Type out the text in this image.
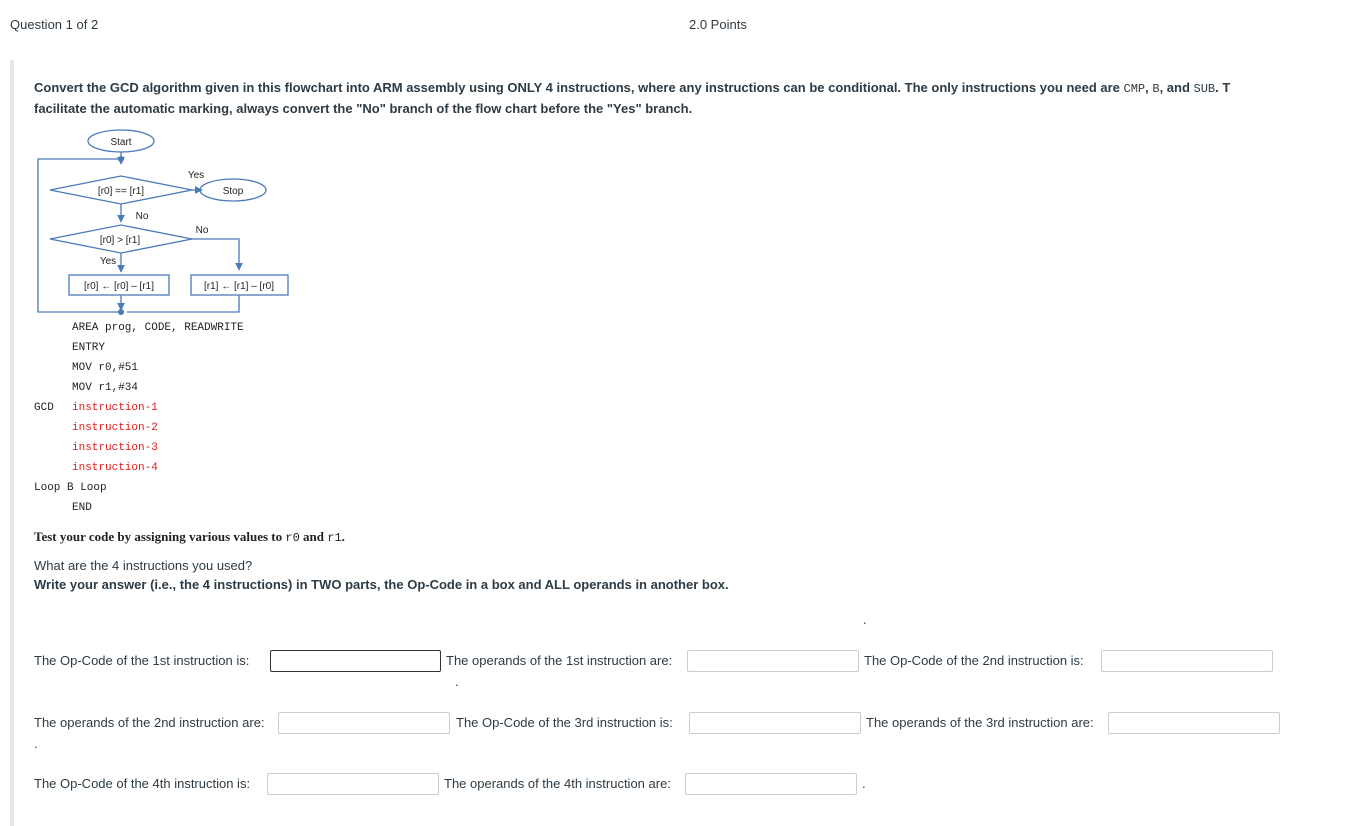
Question 1 of 2	2.0 Points
Convert the GCD algorithm given in this flowchart into ARM assembly using ONLY 4 instructions, where any instructions can be conditional. The only instructions you need are CMP, B, and SUB. T
facilitate the automatic marking, always convert the "No" branch of the flow chart before the "Yes" branch.
Start
[r0] == [r1]	Stop
Yes
No
[r0] > [r1]
No
Yes
[r0] ← [r0] – [r1]	[r1] ← [r1] – [r0]
AREA prog, CODE, READWRITE
ENTRY
MOV r0,#51
MOV r1,#34
GCD instruction-1
instruction-2
instruction-3
instruction-4
Loop B Loop
END
Test your code by assigning various values to r0 and r1.
What are the 4 instructions you used?
Write your answer (i.e., the 4 instructions) in TWO parts, the Op-Code in a box and ALL operands in another box.
.
The Op-Code of the 1st instruction is:	The operands of the 1st instruction are:	The Op-Code of the 2nd instruction is:
.
The operands of the 2nd instruction are:	The Op-Code of the 3rd instruction is:	The operands of the 3rd instruction are:
.
The Op-Code of the 4th instruction is:	The operands of the 4th instruction are:	.
